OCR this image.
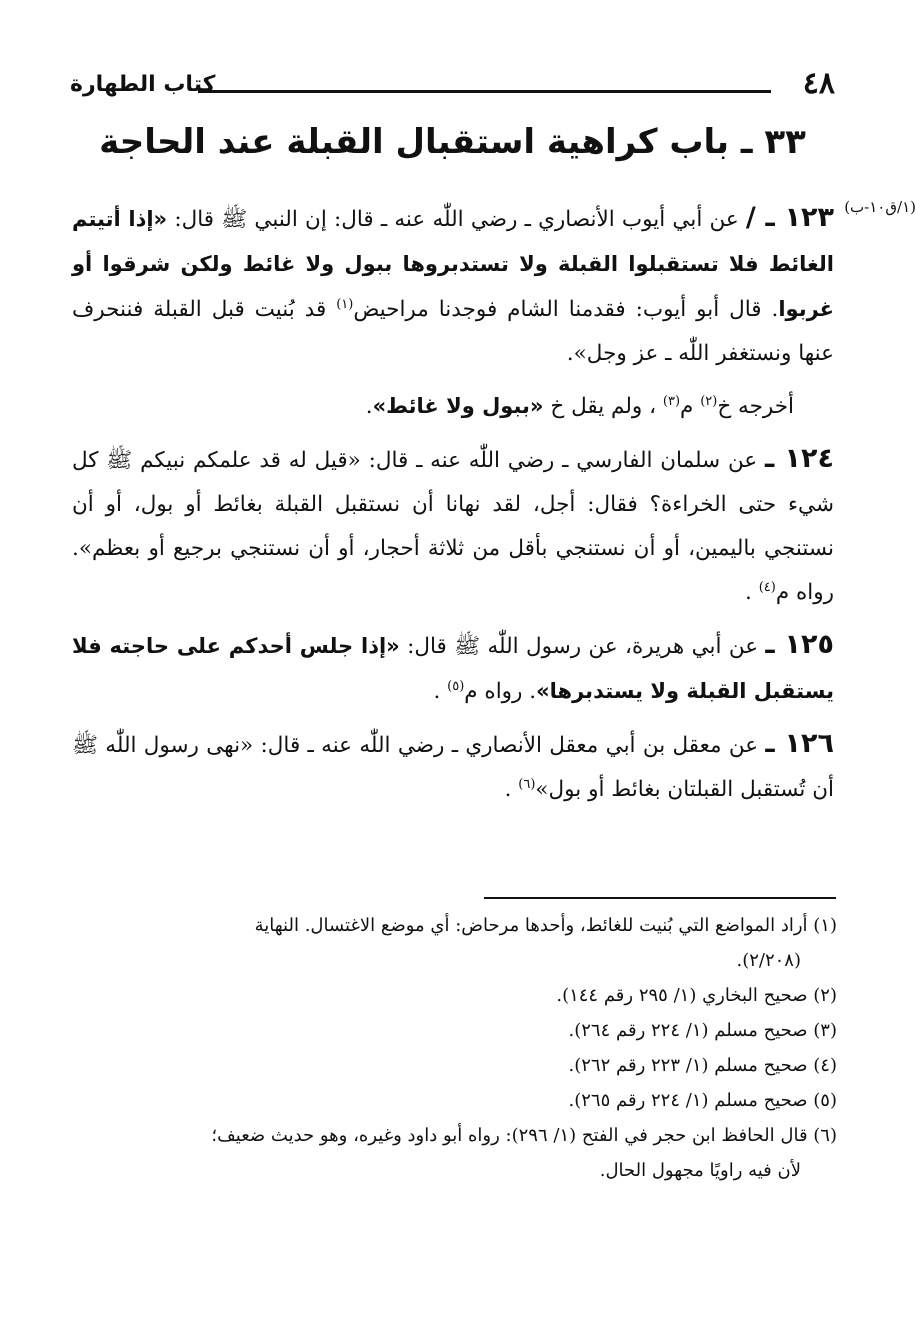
٤٨
كتاب الطهارة
٣٣ ـ باب كراهية استقبال القبلة عند الحاجة
(١/ق١٠-ب)

١٢٣ ـ / عن أبي أيوب الأنصاري ـ رضي اللّٰه عنه ـ قال: إن النبي ﷺ قال: «إذا أتيتم الغائط فلا تستقبلوا القبلة ولا تستدبروها ببول ولا غائط ولكن شرقوا أو غربوا. قال أبو أيوب: فقدمنا الشام فوجدنا مراحيض$^{(١)}$ قد بُنيت قبل القبلة فننحرف عنها ونستغفر اللّٰه ـ عز وجل».

أخرجه خ$^{(٢)}$ م$^{(٣)}$ ، ولم يقل خ «ببول ولا غائط».

١٢٤ ـ عن سلمان الفارسي ـ رضي اللّٰه عنه ـ قال: «قيل له قد علمكم نبيكم ﷺ كل شيء حتى الخراءة؟ فقال: أجل، لقد نهانا أن نستقبل القبلة بغائط أو بول، أو أن نستنجي باليمين، أو أن نستنجي بأقل من ثلاثة أحجار، أو أن نستنجي برجيع أو بعظم». رواه م$^{(٤)}$ .

١٢٥ ـ عن أبي هريرة، عن رسول اللّٰه ﷺ قال: «إذا جلس أحدكم على حاجته فلا يستقبل القبلة ولا يستدبرها». رواه م$^{(٥)}$ .

١٢٦ ـ عن معقل بن أبي معقل الأنصاري ـ رضي اللّٰه عنه ـ قال: «نهى رسول اللّٰه ﷺ أن تُستقبل القبلتان بغائط أو بول»$^{(٦)}$ .

(١) أراد المواضع التي بُنيت للغائط، وأحدها مرحاض: أي موضع الاغتسال. النهاية

(٢/٢٠٨).

(٢) صحيح البخاري (١/ ٢٩٥ رقم ١٤٤).

(٣) صحيح مسلم (١/ ٢٢٤ رقم ٢٦٤).

(٤) صحيح مسلم (١/ ٢٢٣ رقم ٢٦٢).

(٥) صحيح مسلم (١/ ٢٢٤ رقم ٢٦٥).

(٦) قال الحافظ ابن حجر في الفتح (١/ ٢٩٦): رواه أبو داود وغيره، وهو حديث ضعيف؛

لأن فيه راويًا مجهول الحال.
